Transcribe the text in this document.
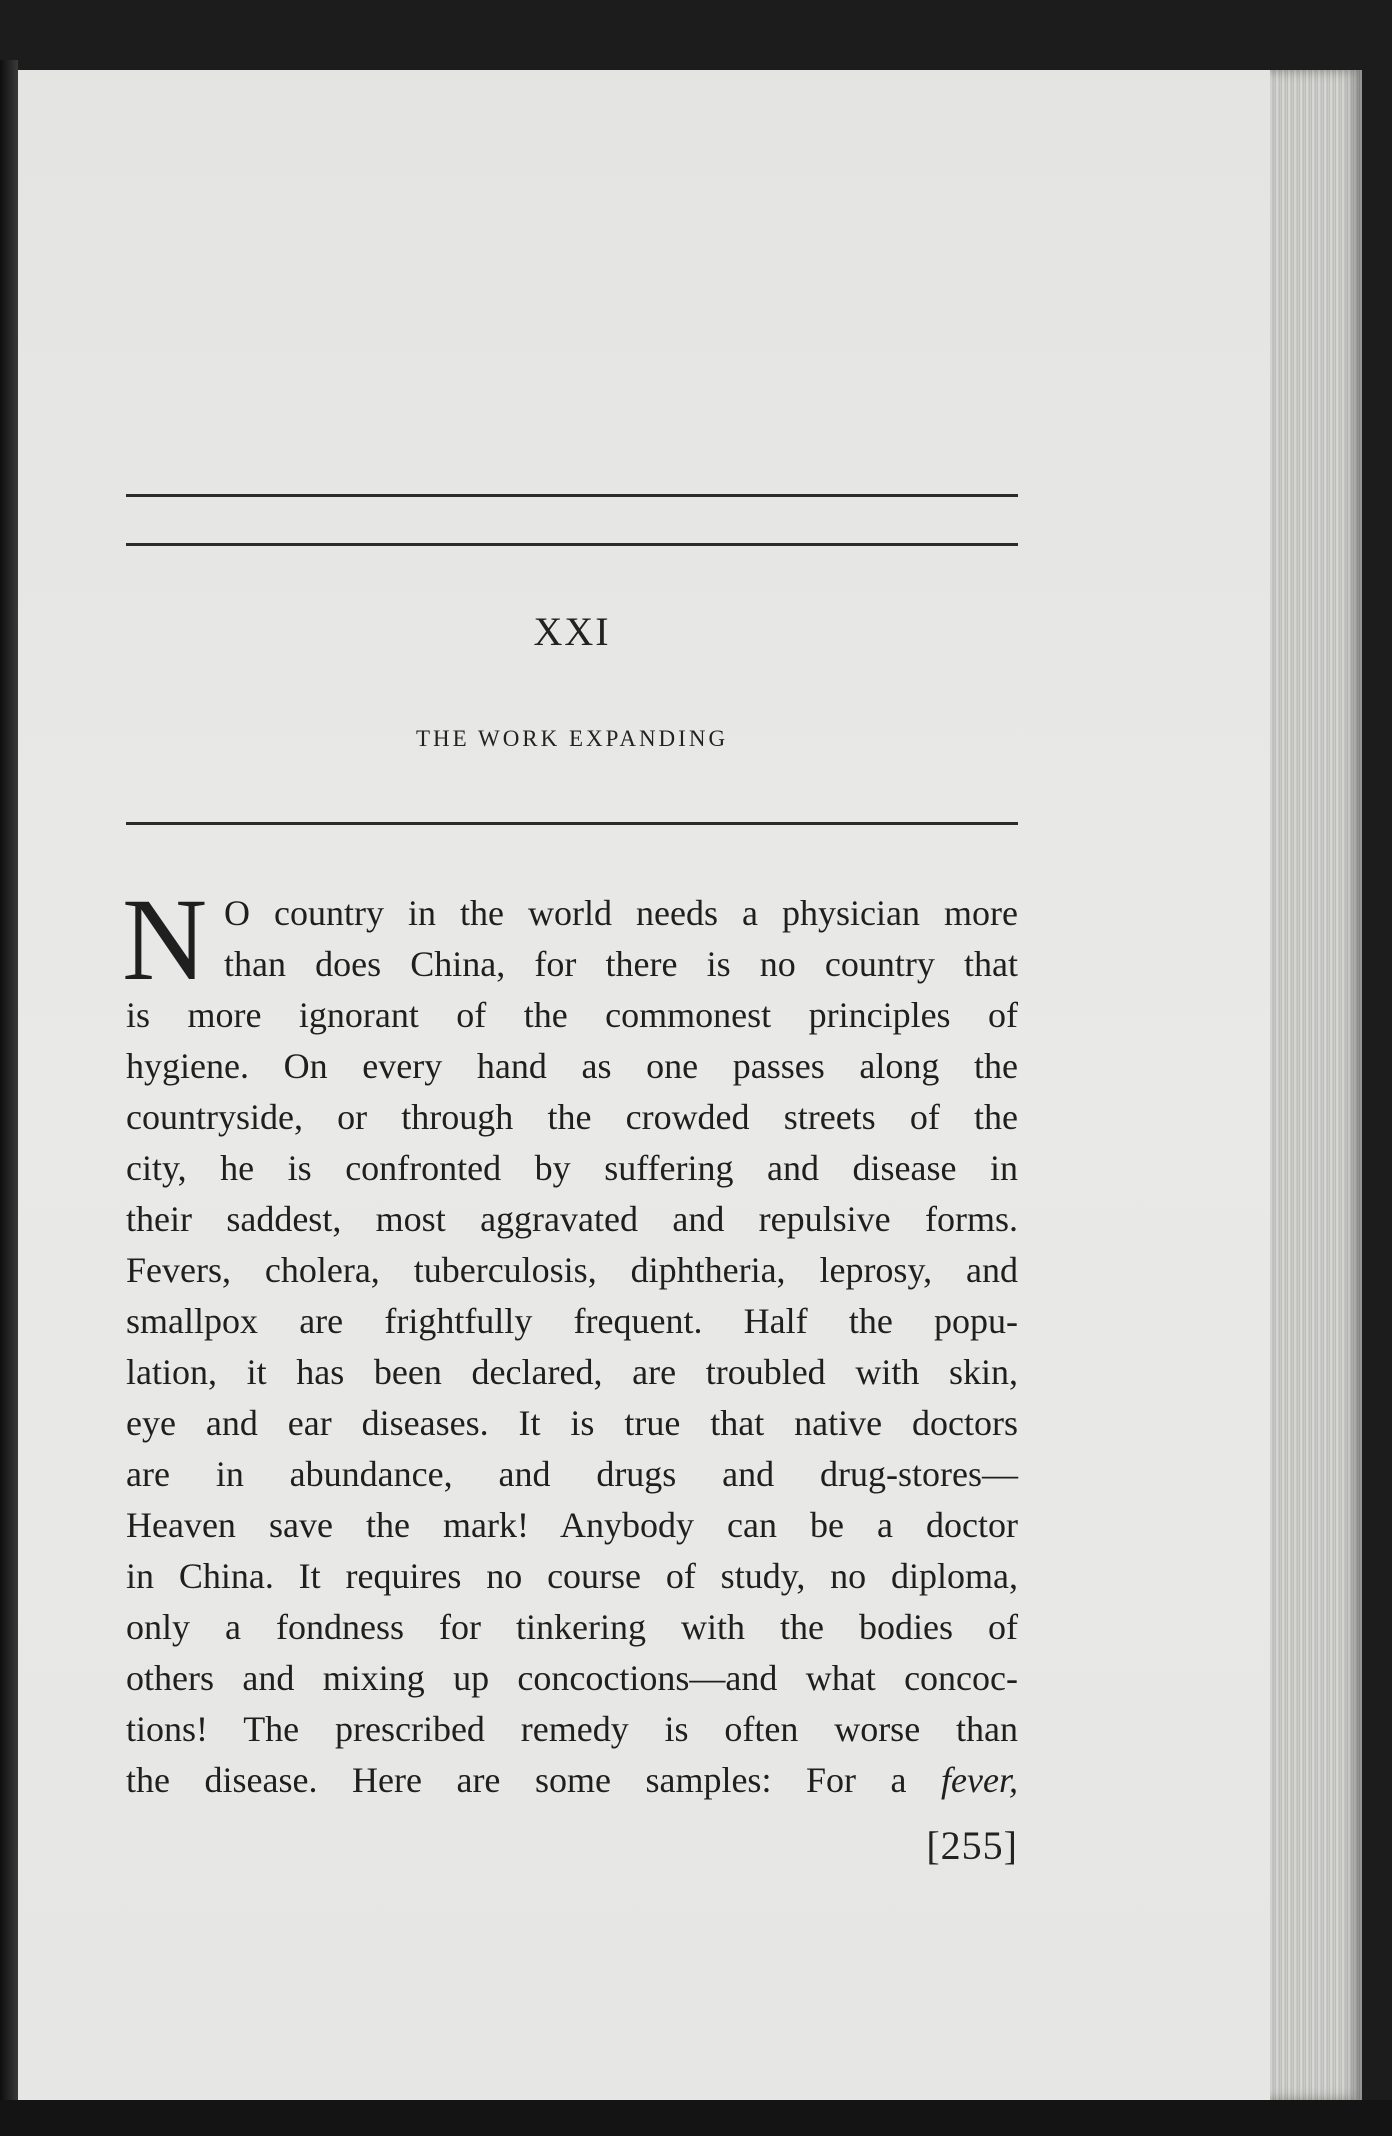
XXI
THE WORK EXPANDING
N O country in the world needs a physician more
than does China, for there is no country that
is more ignorant of the commonest principles of
hygiene. On every hand as one passes along the
countryside, or through the crowded streets of the
city, he is confronted by suffering and disease in
their saddest, most aggravated and repulsive forms.
Fevers, cholera, tuberculosis, diphtheria, leprosy, and
smallpox are frightfully frequent. Half the popu-
lation, it has been declared, are troubled with skin,
eye and ear diseases. It is true that native doctors
are in abundance, and drugs and drug-stores—
Heaven save the mark! Anybody can be a doctor
in China. It requires no course of study, no diploma,
only a fondness for tinkering with the bodies of
others and mixing up concoctions—and what concoc-
tions! The prescribed remedy is often worse than
the disease. Here are some samples: For a fever,
[255]
